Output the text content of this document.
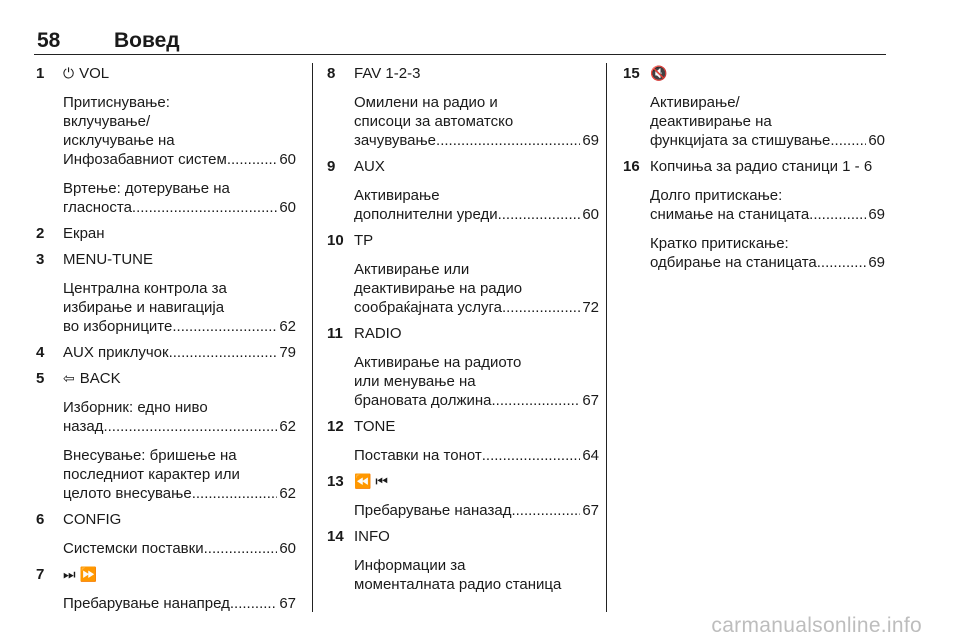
58	Вовед
1 ⏻ VOL
Притиснување:
вклучување/
исклучување на
Инфозабавниот систем .....	60
Вртење: дотерување на
гласноста .....	60
2 Екран
3 MENU-TUNE
Централна контрола за
избирање и навигација
во изборниците .....	62
4 AUX приклучок .....	79
5 ⇦ BACK
Изборник: едно ниво
назад .....	62
Внесување: бришење на
последниот карактер или
целото внесување .....	62
6 CONFIG
Системски поставки .....	60
7 ⏭ ⏩
Пребарување нанапред .....	67
8 FAV 1-2-3
Омилени на радио и
списоци за автоматско
зачувување .....	69
9 AUX
Активирање
дополнителни уреди .....	60
10 TP
Активирање или
деактивирање на радио
сообраќајната услуга .....	72
11 RADIO
Активирање на радиото
или менување на
брановата должина .....	67
12 TONE
Поставки на тонот .....	64
13 ⏪ ⏮
Пребарување наназад .....	67
14 INFO
Информации за
моменталната радио станица
15 🔇
Активирање/
деактивирање на
функцијата за стишување .....	60
16 Копчиња за радио станици 1 - 6
Долго притискање:
снимање на станицата .....	69
Кратко притискање:
одбирање на станицата .....	69
carmanualsonline.info
